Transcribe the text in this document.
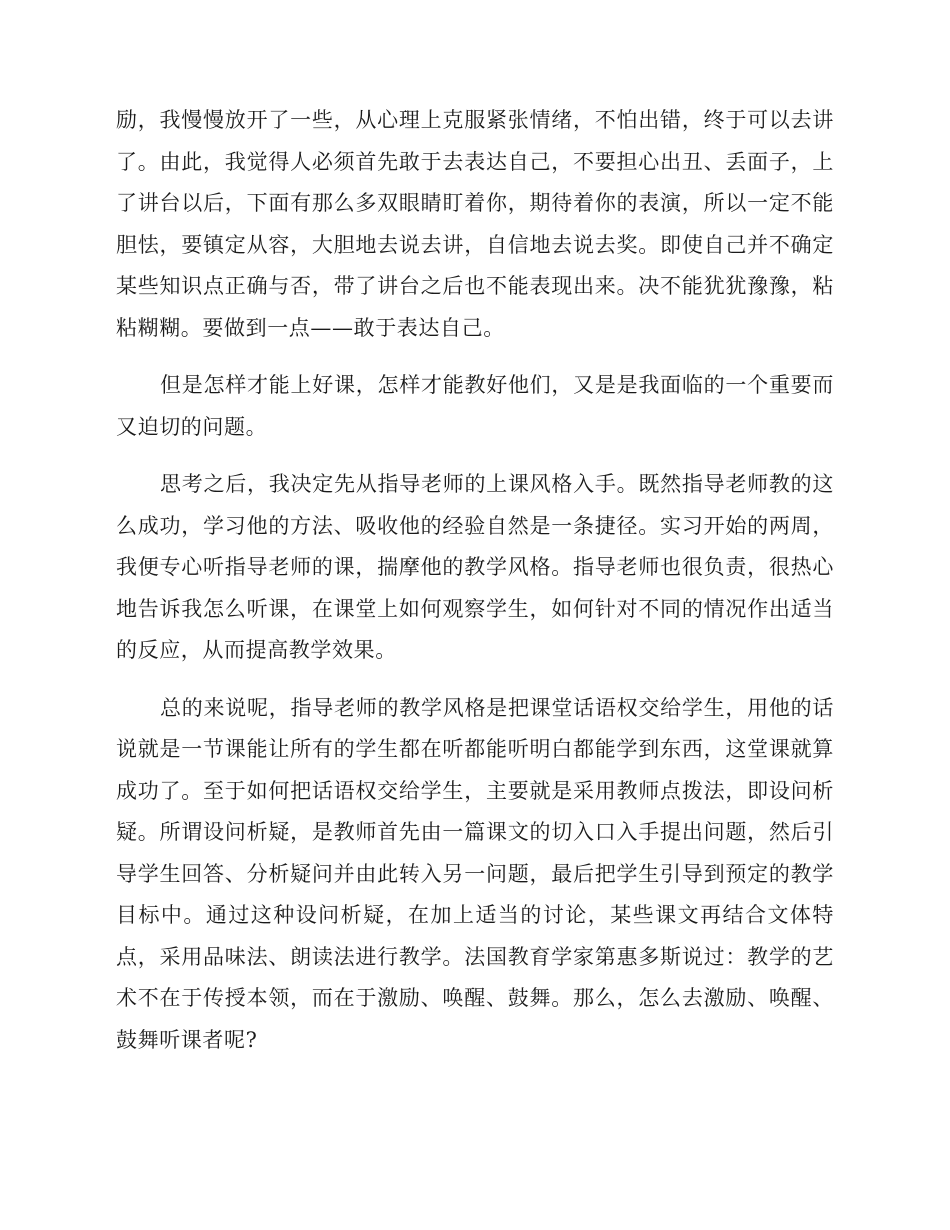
励，我慢慢放开了一些，从心理上克服紧张情绪，不怕出错，终于可以去讲了。由此，我觉得人必须首先敢于去表达自己，不要担心出丑、丢面子，上了讲台以后，下面有那么多双眼睛盯着你，期待着你的表演，所以一定不能胆怯，要镇定从容，大胆地去说去讲，自信地去说去奖。即使自己并不确定某些知识点正确与否，带了讲台之后也不能表现出来。决不能犹犹豫豫，粘粘糊糊。要做到一点——敢于表达自己。

但是怎样才能上好课，怎样才能教好他们，又是是我面临的一个重要而又迫切的问题。

思考之后，我决定先从指导老师的上课风格入手。既然指导老师教的这么成功，学习他的方法、吸收他的经验自然是一条捷径。实习开始的两周，我便专心听指导老师的课，揣摩他的教学风格。指导老师也很负责，很热心地告诉我怎么听课，在课堂上如何观察学生，如何针对不同的情况作出适当的反应，从而提高教学效果。

总的来说呢，指导老师的教学风格是把课堂话语权交给学生，用他的话说就是一节课能让所有的学生都在听都能听明白都能学到东西，这堂课就算成功了。至于如何把话语权交给学生，主要就是采用教师点拨法，即设问析疑。所谓设问析疑，是教师首先由一篇课文的切入口入手提出问题，然后引导学生回答、分析疑问并由此转入另一问题，最后把学生引导到预定的教学目标中。通过这种设问析疑，在加上适当的讨论，某些课文再结合文体特点，采用品味法、朗读法进行教学。法国教育学家第惠多斯说过：教学的艺术不在于传授本领，而在于激励、唤醒、鼓舞。那么，怎么去激励、唤醒、鼓舞听课者呢?
